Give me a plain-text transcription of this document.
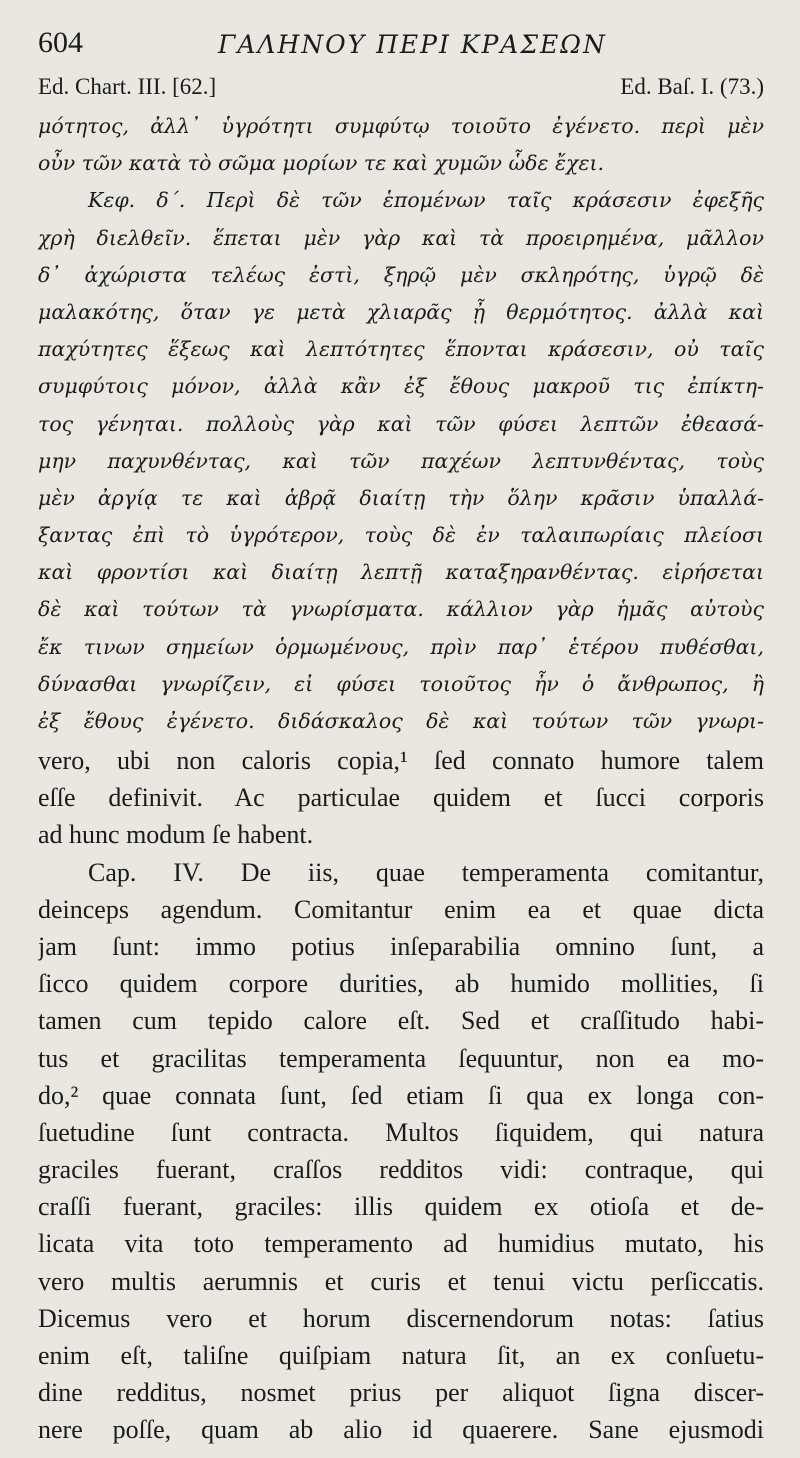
604	ΓΑΛΗΝΟΥ ΠΕΡΙ ΚΡΑΣΕΩΝ
Ed. Chart. III. [62.]	Ed. Baſ. I. (73.)
μότητος, ἀλλ᾽ ὑγρότητι συμφύτῳ τοιοῦτο ἐγένετο. περὶ μὲν
οὖν τῶν κατὰ τὸ σῶμα μορίων τε καὶ χυμῶν ὧδε ἔχει.
Κεφ. δ΄. Περὶ δὲ τῶν ἑπομένων ταῖς κράσεσιν ἐφεξῆς
χρὴ διελθεῖν. ἕπεται μὲν γὰρ καὶ τὰ προειρημένα, μᾶλλον
δ᾽ ἀχώριστα τελέως ἐστὶ, ξηρῷ μὲν σκληρότης, ὑγρῷ δὲ
μαλακότης, ὅταν γε μετὰ χλιαρᾶς ᾖ θερμότητος. ἀλλὰ καὶ
παχύτητες ἕξεως καὶ λεπτότητες ἕπονται κράσεσιν, οὐ ταῖς
συμφύτοις μόνον, ἀλλὰ κἂν ἐξ ἔθους μακροῦ τις ἐπίκτη-
τος γένηται. πολλοὺς γὰρ καὶ τῶν φύσει λεπτῶν ἐθεασά-
μην παχυνθέντας, καὶ τῶν παχέων λεπτυνθέντας, τοὺς
μὲν ἀργίᾳ τε καὶ ἁβρᾷ διαίτῃ τὴν ὅλην κρᾶσιν ὑπαλλά-
ξαντας ἐπὶ τὸ ὑγρότερον, τοὺς δὲ ἐν ταλαιπωρίαις πλείοσι
καὶ φροντίσι καὶ διαίτῃ λεπτῇ καταξηρανθέντας. εἰρήσεται
δὲ καὶ τούτων τὰ γνωρίσματα. κάλλιον γὰρ ἡμᾶς αὐτοὺς
ἔκ τινων σημείων ὁρμωμένους, πρὶν παρ᾽ ἑτέρου πυθέσθαι,
δύνασθαι γνωρίζειν, εἰ φύσει τοιοῦτος ἦν ὁ ἄνθρωπος, ἢ
ἐξ ἔθους ἐγένετο. διδάσκαλος δὲ καὶ τούτων τῶν γνωρι-
vero, ubi non caloris copia,¹ ſed connato humore talem
eſſe definivit. Ac particulae quidem et ſucci corporis
ad hunc modum ſe habent.
Cap. IV. De iis, quae temperamenta comitantur,
deinceps agendum. Comitantur enim ea et quae dicta
jam ſunt: immo potius inſeparabilia omnino ſunt, a
ſicco quidem corpore durities, ab humido mollities, ſi
tamen cum tepido calore eſt. Sed et craſſitudo habi-
tus et gracilitas temperamenta ſequuntur, non ea mo-
do,² quae connata ſunt, ſed etiam ſi qua ex longa con-
ſuetudine ſunt contracta. Multos ſiquidem, qui natura
graciles fuerant, craſſos redditos vidi: contraque, qui
craſſi fuerant, graciles: illis quidem ex otioſa et de-
licata vita toto temperamento ad humidius mutato, his
vero multis aerumnis et curis et tenui victu perſiccatis.
Dicemus vero et horum discernendorum notas: ſatius
enim eſt, taliſne quiſpiam natura ſit, an ex conſuetu-
dine redditus, nosmet prius per aliquot ſigna discer-
nere poſſe, quam ab alio id quaerere. Sane ejusmodi
